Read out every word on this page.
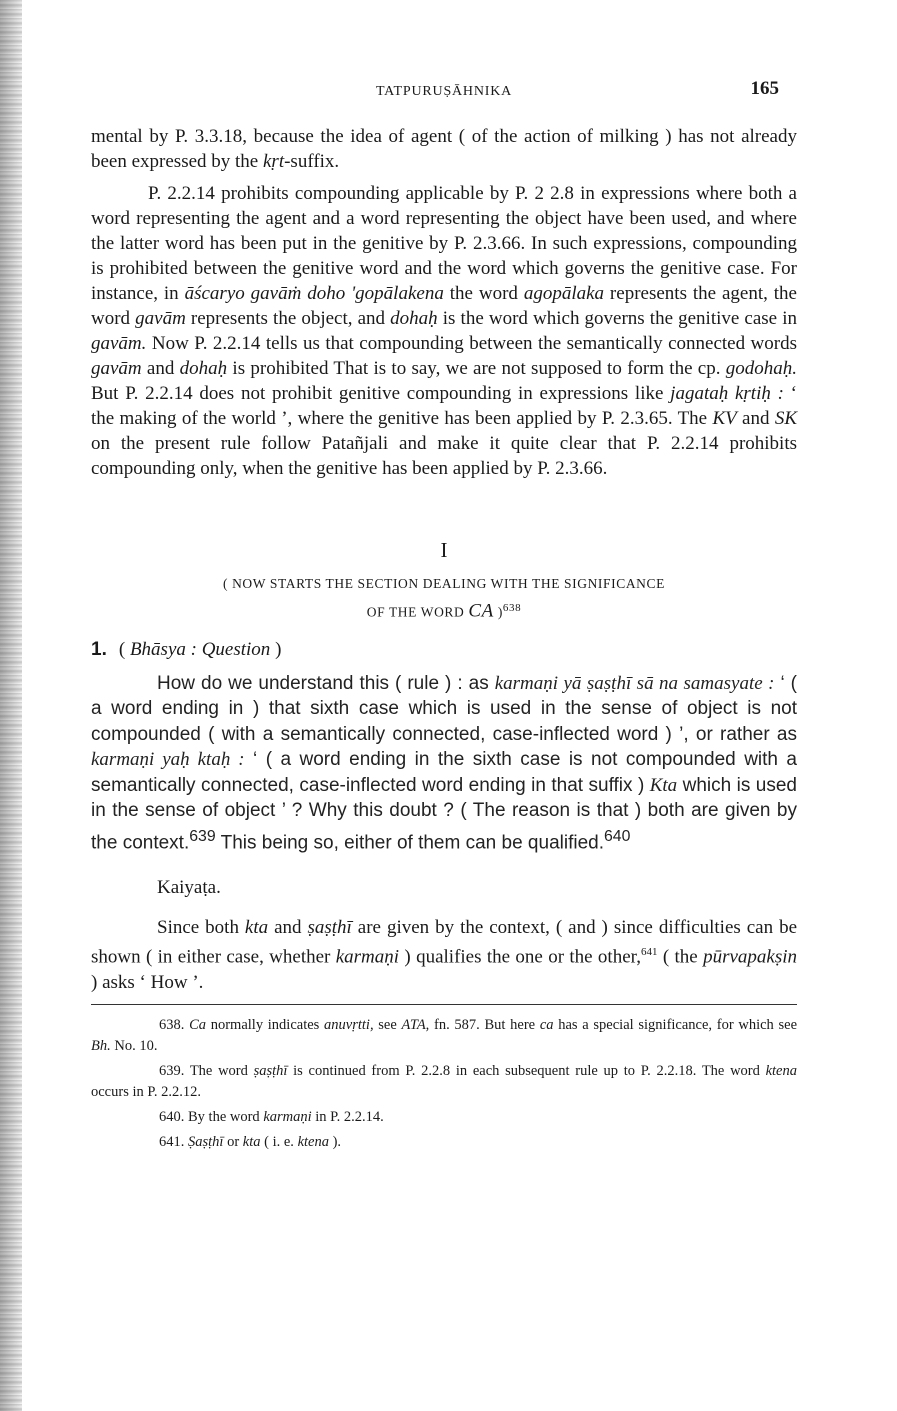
TATPURUṢĀHNIKA	165

mental by P. 3.3.18, because the idea of agent ( of the action of milking ) has not already been expressed by the kṛt-suffix.

P. 2.2.14 prohibits compounding applicable by P. 2 2.8 in expressions where both a word representing the agent and a word representing the object have been used, and where the latter word has been put in the genitive by P. 2.3.66. In such expressions, compounding is prohibited between the genitive word and the word which governs the genitive case. For instance, in āścaryo gavāṁ doho 'gopālakena the word agopālaka represents the agent, the word gavām represents the object, and dohaḥ is the word which governs the genitive case in gavām. Now P. 2.2.14 tells us that compounding between the semantically connected words gavām and dohaḥ is prohibited That is to say, we are not supposed to form the cp. godohaḥ. But P. 2.2.14 does not prohibit genitive compounding in expressions like jagataḥ kṛtiḥ : ‘ the making of the world ’, where the genitive has been applied by P. 2.3.65. The KV and SK on the present rule follow Patañjali and make it quite clear that P. 2.2.14 prohibits compounding only, when the genitive has been applied by P. 2.3.66.

I
( NOW STARTS THE SECTION DEALING WITH THE SIGNIFICANCE
OF THE WORD CA )$^{638}$
1. ( Bhāsya : Question )
How do we understand this ( rule ) : as karmaṇi yā ṣaṣṭhī sā na samasyate : ‘ ( a word ending in ) that sixth case which is used in the sense of object is not compounded ( with a semantically connected, case-inflected word ) ’, or rather as karmaṇi yaḥ ktaḥ : ‘ ( a word ending in the sixth case is not compounded with a semantically connected, case-inflected word ending in that suffix ) Kta which is used in the sense of object ’ ? Why this doubt ? ( The reason is that ) both are given by the context.$^{639}$ This being so, either of them can be qualified.$^{640}$
Kaiyaṭa.

Since both kta and ṣaṣṭhī are given by the context, ( and ) since difficulties can be shown ( in either case, whether karmaṇi ) qualifies the one or the other,$^{641}$ ( the pūrvapakṣin ) asks ‘ How ’.

638. Ca normally indicates anuvṛtti, see ATA, fn. 587. But here ca has a special significance, for which see Bh. No. 10.
639. The word ṣaṣṭhī is continued from P. 2.2.8 in each subsequent rule up to P. 2.2.18. The word ktena occurs in P. 2.2.12.
640. By the word karmaṇi in P. 2.2.14.
641. Ṣaṣṭhī or kta ( i. e. ktena ).
